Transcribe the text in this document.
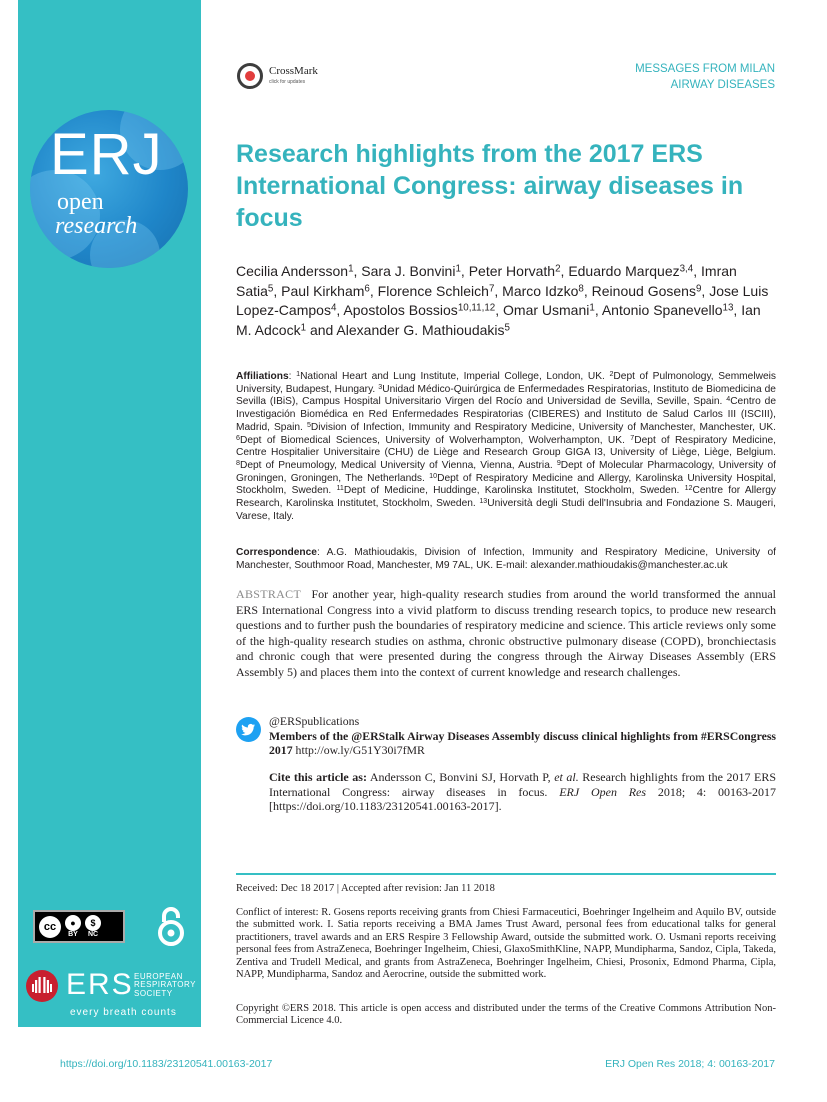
ERJ
open
research
cc	●
BY
$
NC
ERS EUROPEAN
RESPIRATORY
SOCIETY
every breath counts
CrossMark
click for updates
MESSAGES FROM MILAN
AIRWAY DISEASES
Research highlights from the 2017 ERS International Congress: airway diseases in focus
Cecilia Andersson$^1$, Sara J. Bonvini$^1$, Peter Horvath$^2$, Eduardo Marquez$^{3,4}$, Imran Satia$^5$, Paul Kirkham$^6$, Florence Schleich$^7$, Marco Idzko$^8$, Reinoud Gosens$^9$, Jose Luis Lopez-Campos$^4$, Apostolos Bossios$^{10,11,12}$, Omar Usmani$^1$, Antonio Spanevello$^{13}$, Ian M. Adcock$^1$ and Alexander G. Mathioudakis$^5$
Affiliations: $^1$National Heart and Lung Institute, Imperial College, London, UK. $^2$Dept of Pulmonology, Semmelweis University, Budapest, Hungary. $^3$Unidad Médico-Quirúrgica de Enfermedades Respiratorias, Instituto de Biomedicina de Sevilla (IBiS), Campus Hospital Universitario Virgen del Rocío and Universidad de Sevilla, Seville, Spain. $^4$Centro de Investigación Biomédica en Red Enfermedades Respiratorias (CIBERES) and Instituto de Salud Carlos III (ISCIII), Madrid, Spain. $^5$Division of Infection, Immunity and Respiratory Medicine, University of Manchester, Manchester, UK. $^6$Dept of Biomedical Sciences, University of Wolverhampton, Wolverhampton, UK. $^7$Dept of Respiratory Medicine, Centre Hospitalier Universitaire (CHU) de Liège and Research Group GIGA I3, University of Liège, Liège, Belgium. $^8$Dept of Pneumology, Medical University of Vienna, Vienna, Austria. $^9$Dept of Molecular Pharmacology, University of Groningen, Groningen, The Netherlands. $^{10}$Dept of Respiratory Medicine and Allergy, Karolinska University Hospital, Stockholm, Sweden. $^{11}$Dept of Medicine, Huddinge, Karolinska Institutet, Stockholm, Sweden. $^{12}$Centre for Allergy Research, Karolinska Institutet, Stockholm, Sweden. $^{13}$Università degli Studi dell'Insubria and Fondazione S. Maugeri, Varese, Italy.
Correspondence: A.G. Mathioudakis, Division of Infection, Immunity and Respiratory Medicine, University of Manchester, Southmoor Road, Manchester, M9 7AL, UK. E-mail: alexander.mathioudakis@manchester.ac.uk
ABSTRACT For another year, high-quality research studies from around the world transformed the annual ERS International Congress into a vivid platform to discuss trending research topics, to produce new research questions and to further push the boundaries of respiratory medicine and science. This article reviews only some of the high-quality research studies on asthma, chronic obstructive pulmonary disease (COPD), bronchiectasis and chronic cough that were presented during the congress through the Airway Diseases Assembly (ERS Assembly 5) and places them into the context of current knowledge and research challenges.
@ERSpublications
Members of the @ERStalk Airway Diseases Assembly discuss clinical highlights from #ERSCongress 2017 http://ow.ly/G51Y30i7fMR
Cite this article as: Andersson C, Bonvini SJ, Horvath P, et al. Research highlights from the 2017 ERS International Congress: airway diseases in focus. ERJ Open Res 2018; 4: 00163-2017 [https://doi.org/10.1183/23120541.00163-2017].
Received: Dec 18 2017 | Accepted after revision: Jan 11 2018
Conflict of interest: R. Gosens reports receiving grants from Chiesi Farmaceutici, Boehringer Ingelheim and Aquilo BV, outside the submitted work. I. Satia reports receiving a BMA James Trust Award, personal fees from educational talks for general practitioners, travel awards and an ERS Respire 3 Fellowship Award, outside the submitted work. O. Usmani reports receiving personal fees from AstraZeneca, Boehringer Ingelheim, Chiesi, GlaxoSmithKline, NAPP, Mundipharma, Sandoz, Cipla, Takeda, Zentiva and Trudell Medical, and grants from AstraZeneca, Boehringer Ingelheim, Chiesi, Prosonix, Edmond Pharma, Cipla, NAPP, Mundipharma, Sandoz and Aerocrine, outside the submitted work.
Copyright ©ERS 2018. This article is open access and distributed under the terms of the Creative Commons Attribution Non-Commercial Licence 4.0.
https://doi.org/10.1183/23120541.00163-2017	ERJ Open Res 2018; 4: 00163-2017
